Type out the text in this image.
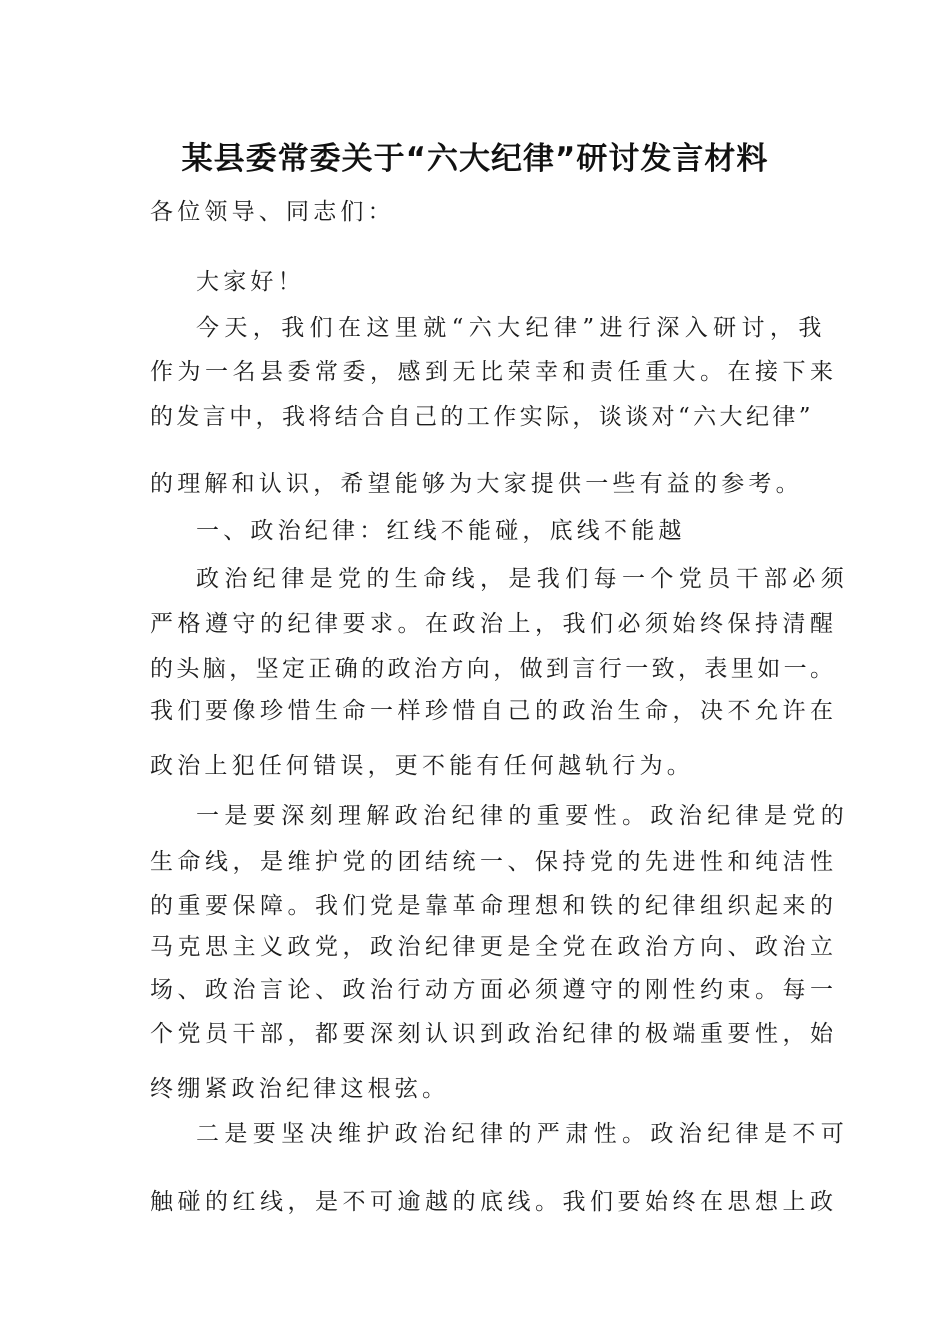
某县委常委关于“六大纪律”研讨发言材料
各位领导、同志们：
大家好！
今天，我们在这里就“六大纪律”进行深入研讨，我
作为一名县委常委，感到无比荣幸和责任重大。在接下来
的发言中，我将结合自己的工作实际，谈谈对“六大纪律”
的理解和认识，希望能够为大家提供一些有益的参考。
一、政治纪律：红线不能碰，底线不能越
政治纪律是党的生命线，是我们每一个党员干部必须
严格遵守的纪律要求。在政治上，我们必须始终保持清醒
的头脑，坚定正确的政治方向，做到言行一致，表里如一。
我们要像珍惜生命一样珍惜自己的政治生命，决不允许在
政治上犯任何错误，更不能有任何越轨行为。
一是要深刻理解政治纪律的重要性。政治纪律是党的
生命线，是维护党的团结统一、保持党的先进性和纯洁性
的重要保障。我们党是靠革命理想和铁的纪律组织起来的
马克思主义政党，政治纪律更是全党在政治方向、政治立
场、政治言论、政治行动方面必须遵守的刚性约束。每一
个党员干部，都要深刻认识到政治纪律的极端重要性，始
终绷紧政治纪律这根弦。
二是要坚决维护政治纪律的严肃性。政治纪律是不可
触碰的红线，是不可逾越的底线。我们要始终在思想上政
